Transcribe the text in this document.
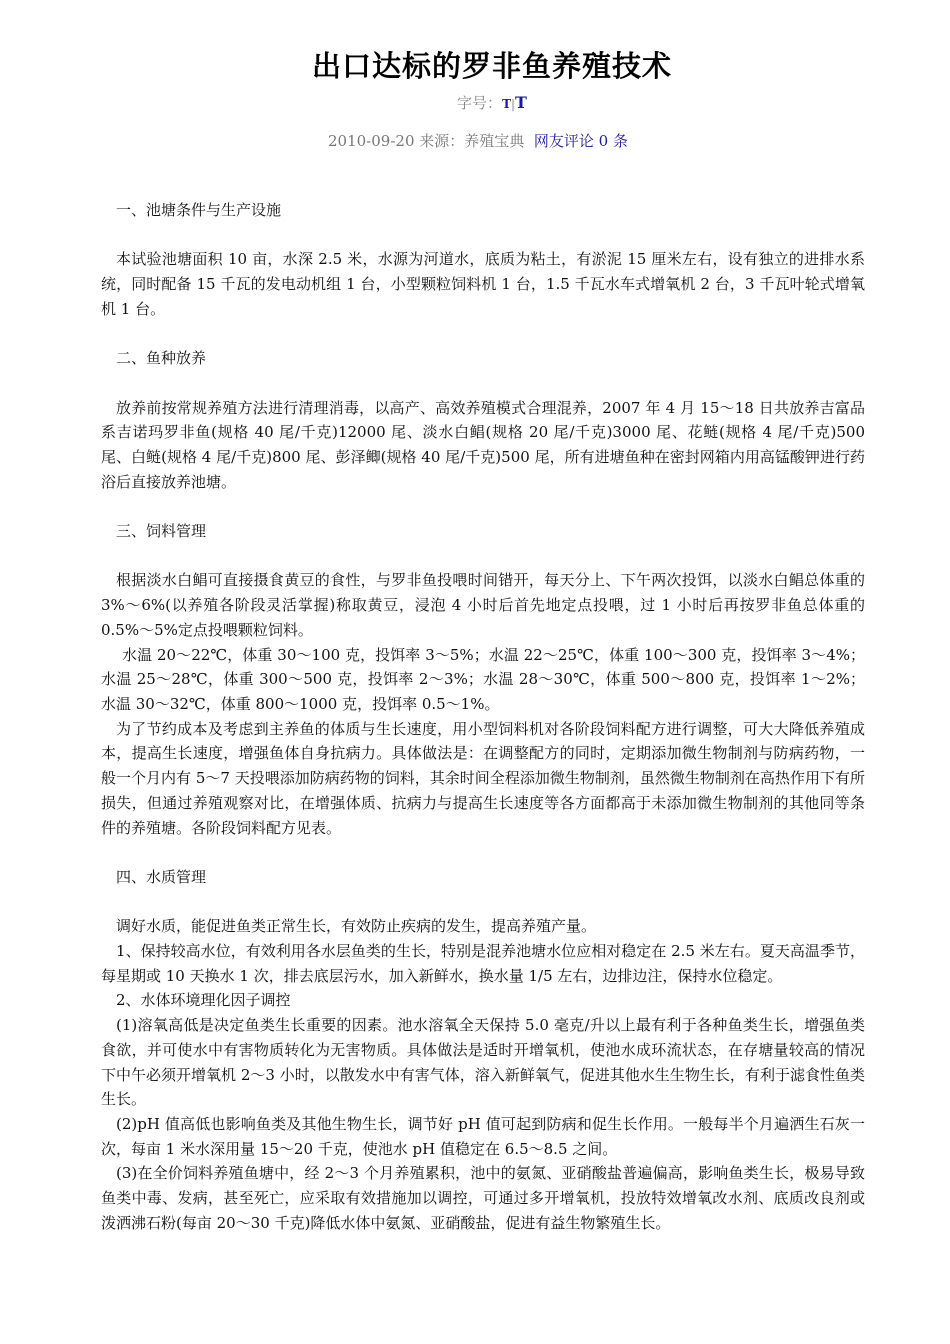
出口达标的罗非鱼养殖技术
字号：T|T
2010-09-20 来源：养殖宝典 网友评论 0 条

一、池塘条件与生产设施

本试验池塘面积 10 亩，水深 2.5 米，水源为河道水，底质为粘土，有淤泥 15 厘米左右，设有独立的进排水系统，同时配备 15 千瓦的发电动机组 1 台，小型颗粒饲料机 1 台，1.5 千瓦水车式增氧机 2 台，3 千瓦叶轮式增氧机 1 台。

二、鱼种放养

放养前按常规养殖方法进行清理消毒，以高产、高效养殖模式合理混养，2007 年 4 月 15～18 日共放养吉富品系吉诺玛罗非鱼(规格 40 尾/千克)12000 尾、淡水白鲳(规格 20 尾/千克)3000 尾、花鲢(规格 4 尾/千克)500 尾、白鲢(规格 4 尾/千克)800 尾、彭泽鲫(规格 40 尾/千克)500 尾，所有进塘鱼种在密封网箱内用高锰酸钾进行药浴后直接放养池塘。

三、饲料管理

根据淡水白鲳可直接摄食黄豆的食性，与罗非鱼投喂时间错开，每天分上、下午两次投饵，以淡水白鲳总体重的 3%～6%(以养殖各阶段灵活掌握)称取黄豆，浸泡 4 小时后首先地定点投喂，过 1 小时后再按罗非鱼总体重的 0.5%～5%定点投喂颗粒饲料。

水温 20～22℃，体重 30～100 克，投饵率 3～5%；水温 22～25℃，体重 100～300 克，投饵率 3～4%；水温 25～28℃，体重 300～500 克，投饵率 2～3%；水温 28～30℃，体重 500～800 克，投饵率 1～2%；水温 30～32℃，体重 800～1000 克，投饵率 0.5～1%。

为了节约成本及考虑到主养鱼的体质与生长速度，用小型饲料机对各阶段饲料配方进行调整，可大大降低养殖成本，提高生长速度，增强鱼体自身抗病力。具体做法是：在调整配方的同时，定期添加微生物制剂与防病药物，一般一个月内有 5～7 天投喂添加防病药物的饲料，其余时间全程添加微生物制剂，虽然微生物制剂在高热作用下有所损失，但通过养殖观察对比，在增强体质、抗病力与提高生长速度等各方面都高于未添加微生物制剂的其他同等条件的养殖塘。各阶段饲料配方见表。

四、水质管理

调好水质，能促进鱼类正常生长，有效防止疾病的发生，提高养殖产量。

1、保持较高水位，有效利用各水层鱼类的生长，特别是混养池塘水位应相对稳定在 2.5 米左右。夏天高温季节，每星期或 10 天换水 1 次，排去底层污水，加入新鲜水，换水量 1/5 左右，边排边注，保持水位稳定。

2、水体环境理化因子调控

(1)溶氧高低是决定鱼类生长重要的因素。池水溶氧全天保持 5.0 毫克/升以上最有利于各种鱼类生长，增强鱼类食欲，并可使水中有害物质转化为无害物质。具体做法是适时开增氧机，使池水成环流状态，在存塘量较高的情况下中午必须开增氧机 2～3 小时，以散发水中有害气体，溶入新鲜氧气，促进其他水生生物生长，有利于滤食性鱼类生长。

(2)pH 值高低也影响鱼类及其他生物生长，调节好 pH 值可起到防病和促生长作用。一般每半个月遍洒生石灰一次，每亩 1 米水深用量 15～20 千克，使池水 pH 值稳定在 6.5～8.5 之间。

(3)在全价饲料养殖鱼塘中，经 2～3 个月养殖累积，池中的氨氮、亚硝酸盐普遍偏高，影响鱼类生长，极易导致鱼类中毒、发病，甚至死亡，应采取有效措施加以调控，可通过多开增氧机，投放特效增氧改水剂、底质改良剂或泼洒沸石粉(每亩 20～30 千克)降低水体中氨氮、亚硝酸盐，促进有益生物繁殖生长。
